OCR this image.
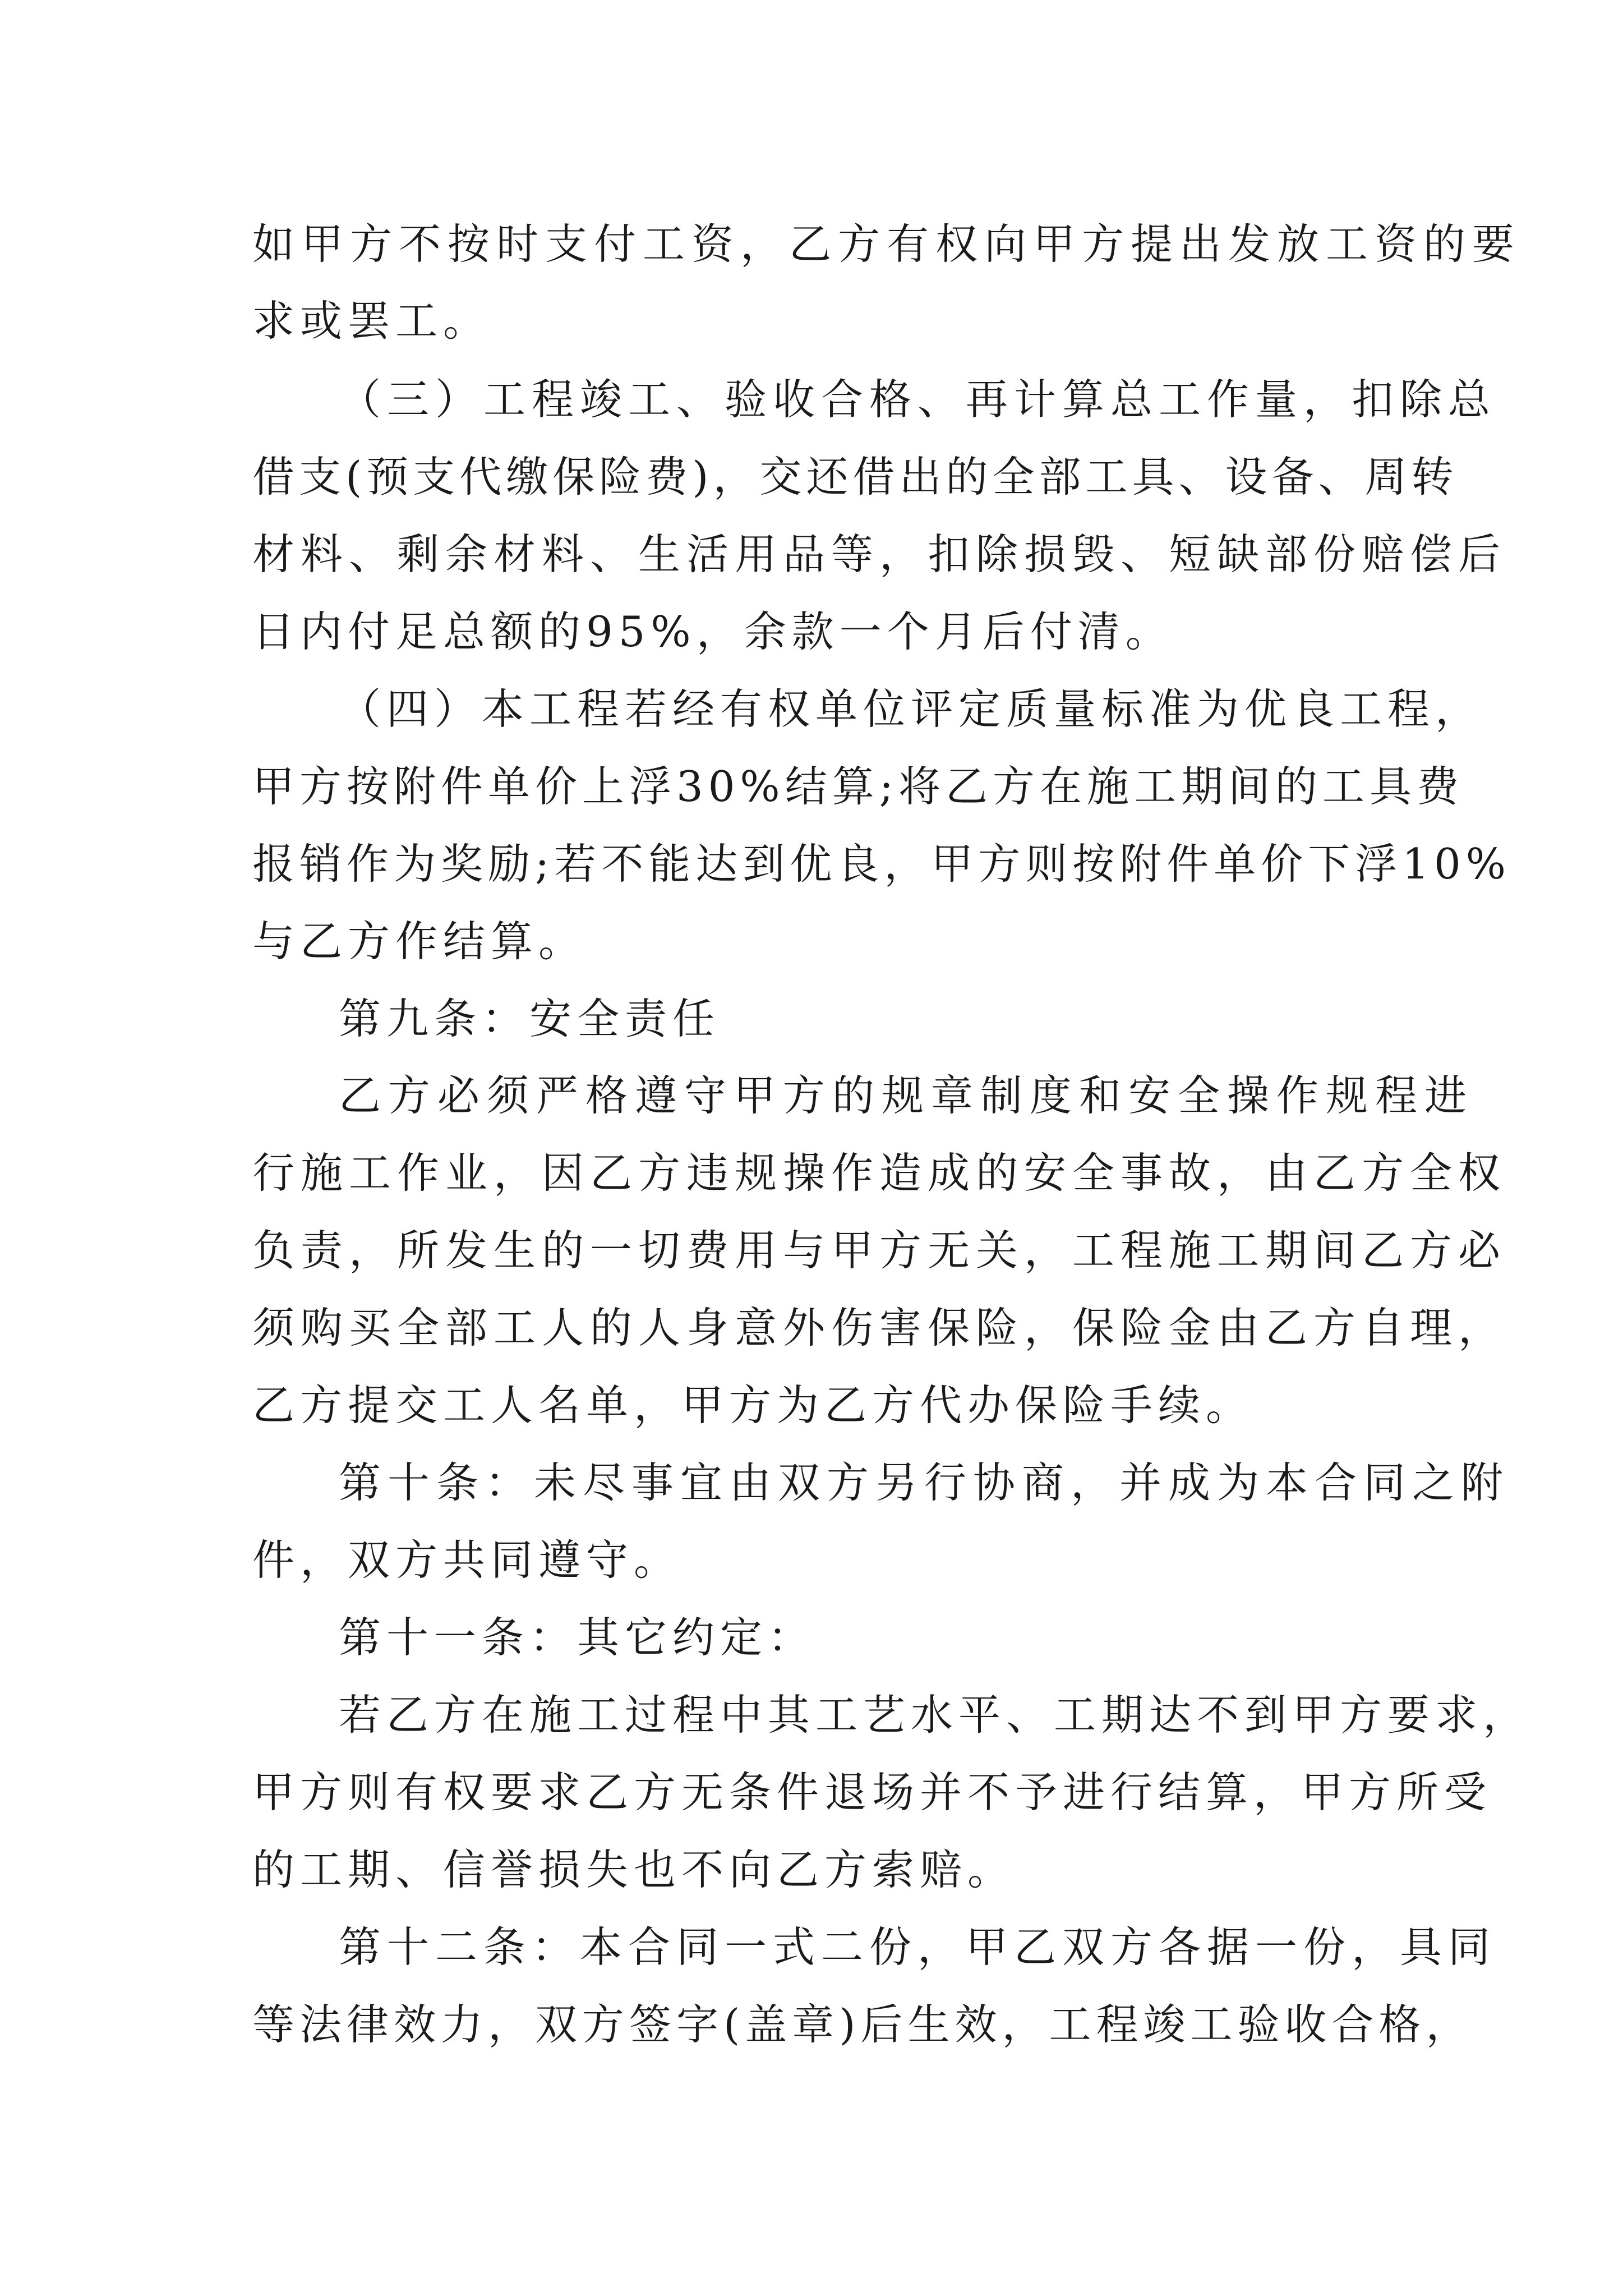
如甲方不按时支付工资，乙方有权向甲方提出发放工资的要
求或罢工。
（三）工程竣工、验收合格、再计算总工作量，扣除总
借支(预支代缴保险费)，交还借出的全部工具、设备、周转
材料、剩余材料、生活用品等，扣除损毁、短缺部份赔偿后
日内付足总额的95%，余款一个月后付清。
（四）本工程若经有权单位评定质量标准为优良工程，
甲方按附件单价上浮30%结算;将乙方在施工期间的工具费
报销作为奖励;若不能达到优良，甲方则按附件单价下浮10%
与乙方作结算。
第九条：安全责任
乙方必须严格遵守甲方的规章制度和安全操作规程进
行施工作业，因乙方违规操作造成的安全事故，由乙方全权
负责，所发生的一切费用与甲方无关，工程施工期间乙方必
须购买全部工人的人身意外伤害保险，保险金由乙方自理，
乙方提交工人名单，甲方为乙方代办保险手续。
第十条：未尽事宜由双方另行协商，并成为本合同之附
件，双方共同遵守。
第十一条：其它约定：
若乙方在施工过程中其工艺水平、工期达不到甲方要求，
甲方则有权要求乙方无条件退场并不予进行结算，甲方所受
的工期、信誉损失也不向乙方索赔。
第十二条：本合同一式二份，甲乙双方各据一份，具同
等法律效力，双方签字(盖章)后生效，工程竣工验收合格，
